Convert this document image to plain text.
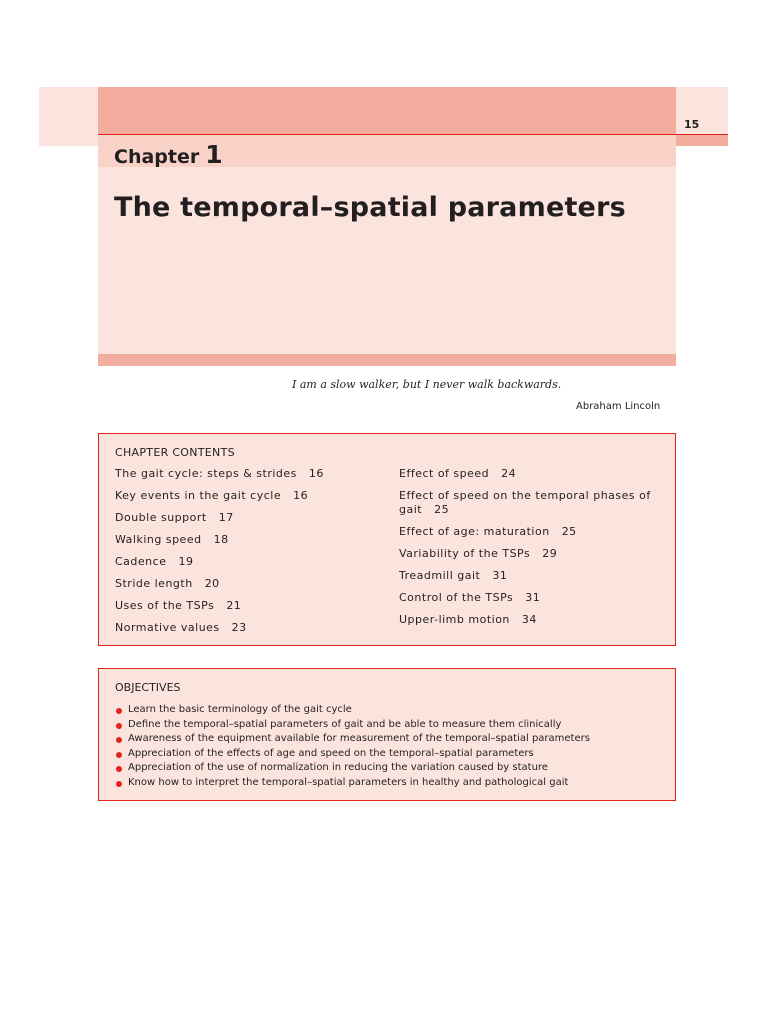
15
Chapter 1
The temporal–spatial parameters
I am a slow walker, but I never walk backwards.
Abraham Lincoln
CHAPTER CONTENTS
The gait cycle: steps & strides 16
Key events in the gait cycle 16
Double support 17
Walking speed 18
Cadence 19
Stride length 20
Uses of the TSPs 21
Normative values 23
Effect of speed 24
Effect of speed on the temporal phases of gait 25
Effect of age: maturation 25
Variability of the TSPs 29
Treadmill gait 31
Control of the TSPs 31
Upper-limb motion 34
OBJECTIVES
Learn the basic terminology of the gait cycle
Define the temporal–spatial parameters of gait and be able to measure them clinically
Awareness of the equipment available for measurement of the temporal–spatial parameters
Appreciation of the effects of age and speed on the temporal–spatial parameters
Appreciation of the use of normalization in reducing the variation caused by stature
Know how to interpret the temporal–spatial parameters in healthy and pathological gait
